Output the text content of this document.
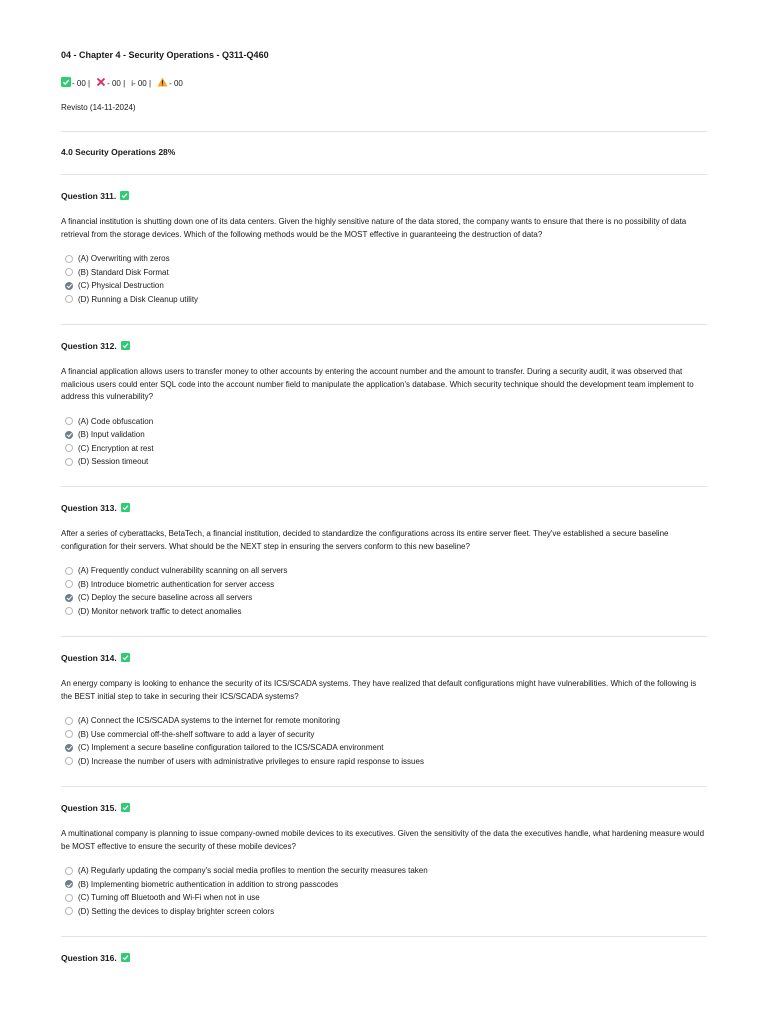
04 - Chapter 4 - Security Operations - Q311-Q460
- 00 | - 00 | i- 00 | - 00
Revisto (14-11-2024)
4.0 Security Operations 28%
Question 311.
A financial institution is shutting down one of its data centers. Given the highly sensitive nature of the data stored, the company wants to ensure that there is no possibility of data retrieval from the storage devices. Which of the following methods would be the MOST effective in guaranteeing the destruction of data?
(A) Overwriting with zeros
(B) Standard Disk Format
(C) Physical Destruction
(D) Running a Disk Cleanup utility
Question 312.
A financial application allows users to transfer money to other accounts by entering the account number and the amount to transfer. During a security audit, it was observed that malicious users could enter SQL code into the account number field to manipulate the application's database. Which security technique should the development team implement to address this vulnerability?
(A) Code obfuscation
(B) Input validation
(C) Encryption at rest
(D) Session timeout
Question 313.
After a series of cyberattacks, BetaTech, a financial institution, decided to standardize the configurations across its entire server fleet. They've established a secure baseline configuration for their servers. What should be the NEXT step in ensuring the servers conform to this new baseline?
(A) Frequently conduct vulnerability scanning on all servers
(B) Introduce biometric authentication for server access
(C) Deploy the secure baseline across all servers
(D) Monitor network traffic to detect anomalies
Question 314.
An energy company is looking to enhance the security of its ICS/SCADA systems. They have realized that default configurations might have vulnerabilities. Which of the following is the BEST initial step to take in securing their ICS/SCADA systems?
(A) Connect the ICS/SCADA systems to the internet for remote monitoring
(B) Use commercial off-the-shelf software to add a layer of security
(C) Implement a secure baseline configuration tailored to the ICS/SCADA environment
(D) Increase the number of users with administrative privileges to ensure rapid response to issues
Question 315.
A multinational company is planning to issue company-owned mobile devices to its executives. Given the sensitivity of the data the executives handle, what hardening measure would be MOST effective to ensure the security of these mobile devices?
(A) Regularly updating the company's social media profiles to mention the security measures taken
(B) Implementing biometric authentication in addition to strong passcodes
(C) Turning off Bluetooth and Wi-Fi when not in use
(D) Setting the devices to display brighter screen colors
Question 316.
